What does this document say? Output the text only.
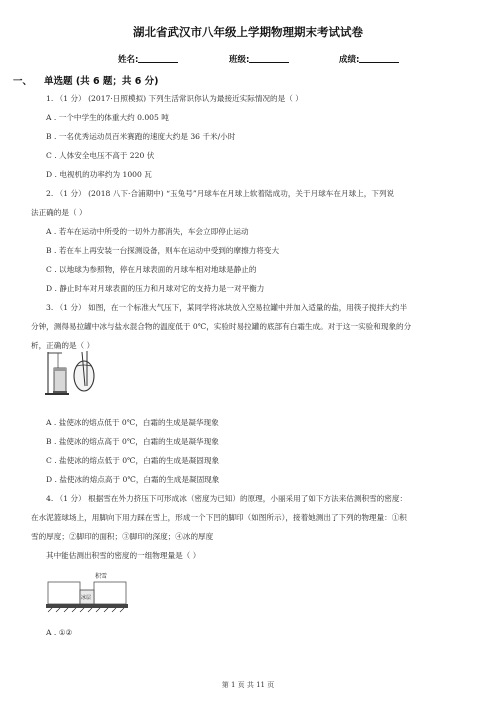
湖北省武汉市八年级上学期物理期末考试试卷
姓名:	班级:	成绩:
一、 单选题 (共 6 题；共 6 分)
1. （1 分） (2017·日照模拟) 下列生活常识你认为最接近实际情况的是（ ）
A . 一个中学生的体重大约 0.005 吨
B . 一名优秀运动员百米赛跑的速度大约是 36 千米/小时
C . 人体安全电压不高于 220 伏
D . 电视机的功率约为 1000 瓦
2. （1 分） (2018 八下·合浦期中) “玉兔号”月球车在月球上软着陆成功，关于月球车在月球上，下列说
法正确的是（ ）
A . 若车在运动中所受的一切外力都消失，车会立即停止运动
B . 若在车上再安装一台探测设备，则车在运动中受到的摩擦力将变大
C . 以地球为参照物，停在月球表面的月球车相对地球是静止的
D . 静止时车对月球表面的压力和月球对它的支持力是一对平衡力
3. （1 分） 如图，在一个标准大气压下，某同学将冰块放入空易拉罐中并加入适量的盐，用筷子搅拌大约半
分钟，测得易拉罐中冰与盐水混合物的温度低于 0℃，实验时易拉罐的底部有白霜生成。对于这一实验和现象的分
析，正确的是（ ）
A . 盐使冰的熔点低于 0℃，白霜的生成是凝华现象
B . 盐使冰的熔点高于 0℃，白霜的生成是凝华现象
C . 盐使冰的熔点低于 0℃，白霜的生成是凝固现象
D . 盐使冰的熔点高于 0℃，白霜的生成是凝固现象
4. （1 分） 根据雪在外力挤压下可形成冰（密度为已知）的原理，小丽采用了如下方法来估测积雪的密度：
在水泥篮球场上，用脚向下用力踩在雪上，形成一个下凹的脚印（如图所示），接着她测出了下列的物理量：①积
雪的厚度；②脚印的面积；③脚印的深度；④冰的厚度
其中能估测出积雪的密度的一组物理量是（ ）
积雪
冰层
A . ①②
第 1 页 共 11 页
